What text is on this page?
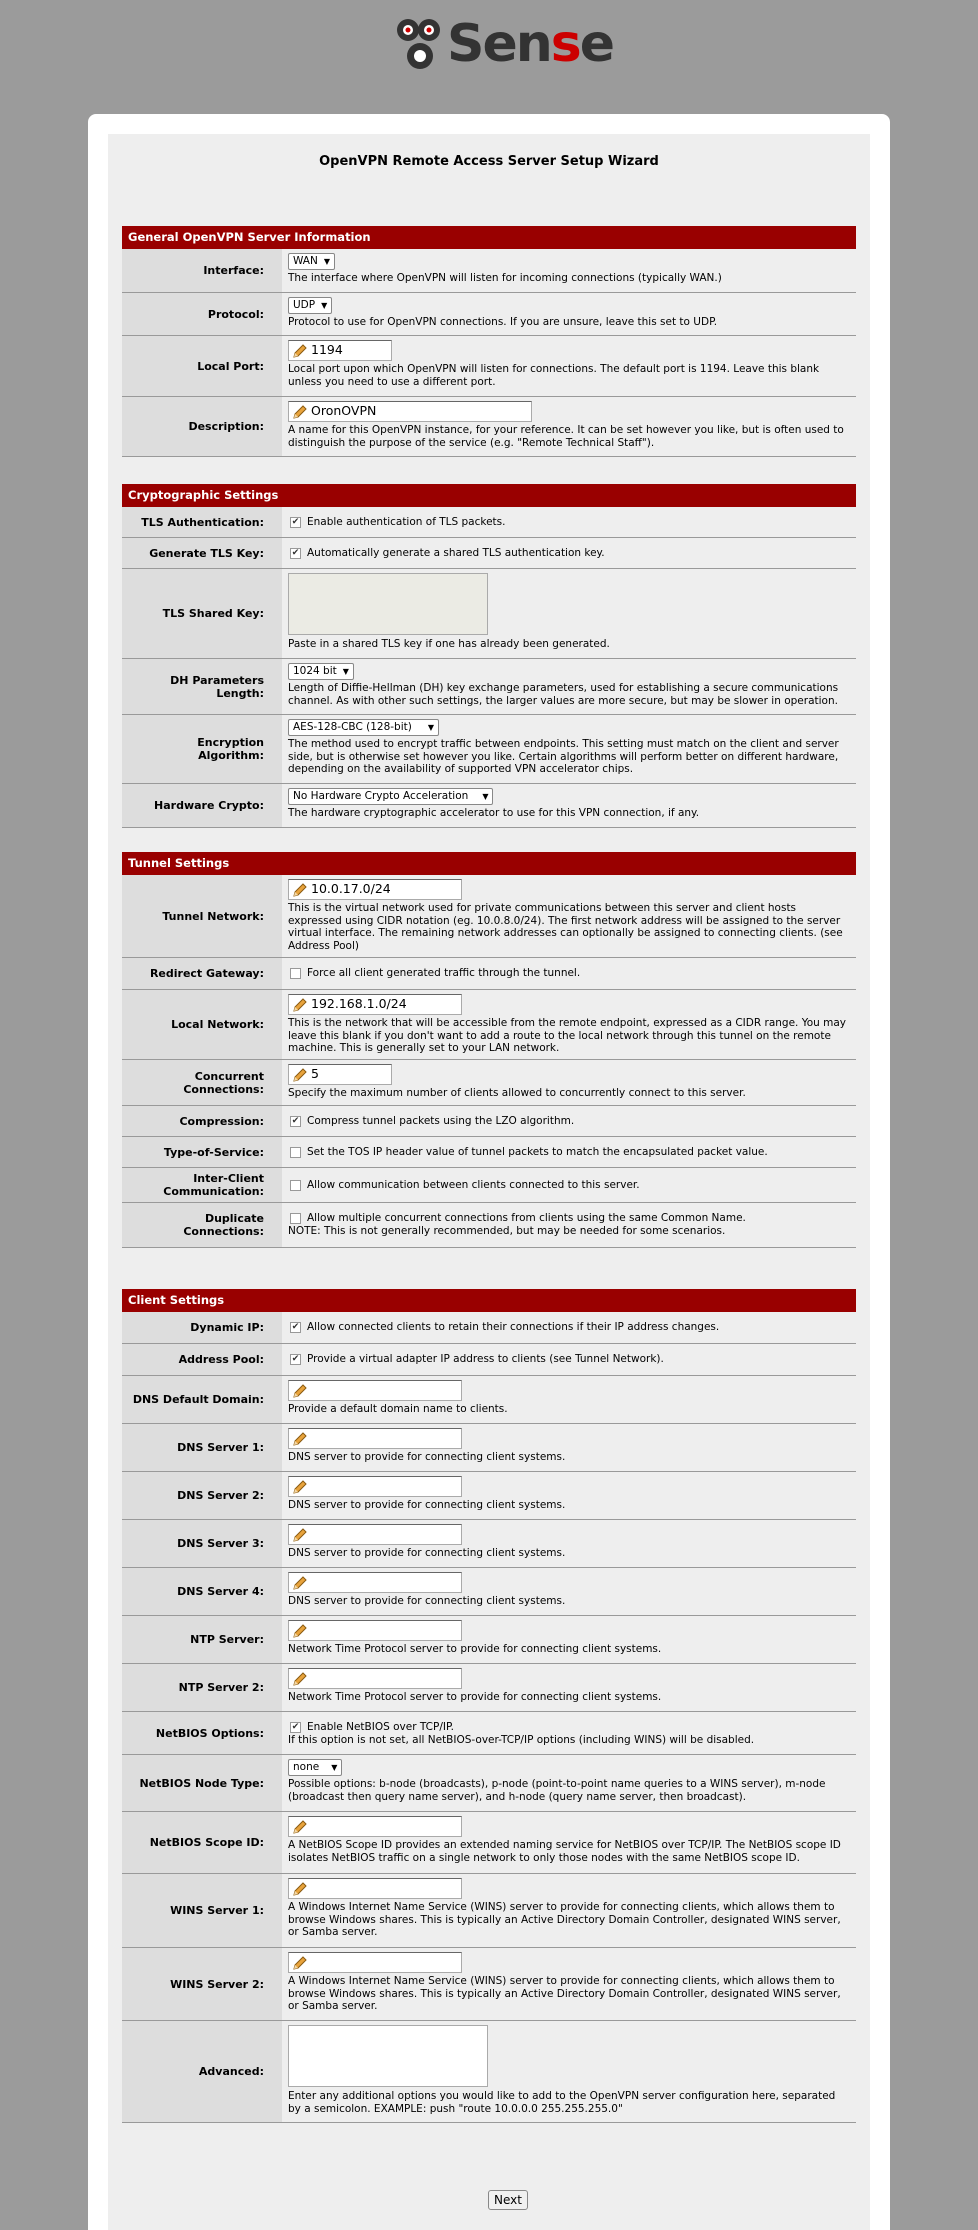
Sense
OpenVPN Remote Access Server Setup Wizard
General OpenVPN Server Information
Interface:
WAN ▼
The interface where OpenVPN will listen for incoming connections (typically WAN.)
Protocol:
UDP ▼
Protocol to use for OpenVPN connections. If you are unsure, leave this set to UDP.
Local Port:
1194

Local port upon which OpenVPN will listen for connections. The default port is 1194. Leave this blank unless you need to use a different port.
Description:
OronOVPN

A name for this OpenVPN instance, for your reference. It can be set however you like, but is often used to distinguish the purpose of the service (e.g. "Remote Technical Staff").
Cryptographic Settings
TLS Authentication:	✔ Enable authentication of TLS packets.
Generate TLS Key:	✔ Automatically generate a shared TLS authentication key.
TLS Shared Key:
Paste in a shared TLS key if one has already been generated.
DH Parameters Length:
1024 bit ▼
Length of Diffie-Hellman (DH) key exchange parameters, used for establishing a secure communications channel. As with other such settings, the larger values are more secure, but may be slower in operation.
Encryption Algorithm:
AES-128-CBC (128-bit) ▼
The method used to encrypt traffic between endpoints. This setting must match on the client and server side, but is otherwise set however you like. Certain algorithms will perform better on different hardware, depending on the availability of supported VPN accelerator chips.
Hardware Crypto:
No Hardware Crypto Acceleration ▼
The hardware cryptographic accelerator to use for this VPN connection, if any.
Tunnel Settings
Tunnel Network:
10.0.17.0/24

This is the virtual network used for private communications between this server and client hosts expressed using CIDR notation (eg. 10.0.8.0/24). The first network address will be assigned to the server virtual interface. The remaining network addresses can optionally be assigned to connecting clients. (see Address Pool)
Redirect Gateway:	Force all client generated traffic through the tunnel.
Local Network:
192.168.1.0/24

This is the network that will be accessible from the remote endpoint, expressed as a CIDR range. You may leave this blank if you don't want to add a route to the local network through this tunnel on the remote machine. This is generally set to your LAN network.
Concurrent Connections:
5

Specify the maximum number of clients allowed to concurrently connect to this server.
Compression:	✔ Compress tunnel packets using the LZO algorithm.
Type-of-Service:	Set the TOS IP header value of tunnel packets to match the encapsulated packet value.
Inter-Client Communication:
Allow communication between clients connected to this server.
Duplicate Connections:
Allow multiple concurrent connections from clients using the same Common Name.
NOTE: This is not generally recommended, but may be needed for some scenarios.
Client Settings
Dynamic IP:	✔ Allow connected clients to retain their connections if their IP address changes.
Address Pool:	✔ Provide a virtual adapter IP address to clients (see Tunnel Network).
DNS Default Domain:

Provide a default domain name to clients.
DNS Server 1:

DNS server to provide for connecting client systems.
DNS Server 2:

DNS server to provide for connecting client systems.
DNS Server 3:

DNS server to provide for connecting client systems.
DNS Server 4:

DNS server to provide for connecting client systems.
NTP Server:

Network Time Protocol server to provide for connecting client systems.
NTP Server 2:

Network Time Protocol server to provide for connecting client systems.
NetBIOS Options:	✔ Enable NetBIOS over TCP/IP.
If this option is not set, all NetBIOS-over-TCP/IP options (including WINS) will be disabled.
NetBIOS Node Type:
none ▼
Possible options: b-node (broadcasts), p-node (point-to-point name queries to a WINS server), m-node (broadcast then query name server), and h-node (query name server, then broadcast).
NetBIOS Scope ID:	A NetBIOS Scope ID provides an extended naming service for NetBIOS over TCP/IP. The NetBIOS scope ID isolates NetBIOS traffic on a single network to only those nodes with the same NetBIOS scope ID.
WINS Server 1:	A Windows Internet Name Service (WINS) server to provide for connecting clients, which allows them to browse Windows shares. This is typically an Active Directory Domain Controller, designated WINS server, or Samba server.
WINS Server 2:	A Windows Internet Name Service (WINS) server to provide for connecting clients, which allows them to browse Windows shares. This is typically an Active Directory Domain Controller, designated WINS server, or Samba server.
Advanced:
Enter any additional options you would like to add to the OpenVPN server configuration here, separated by a semicolon. EXAMPLE: push "route 10.0.0.0 255.255.255.0"
Next
